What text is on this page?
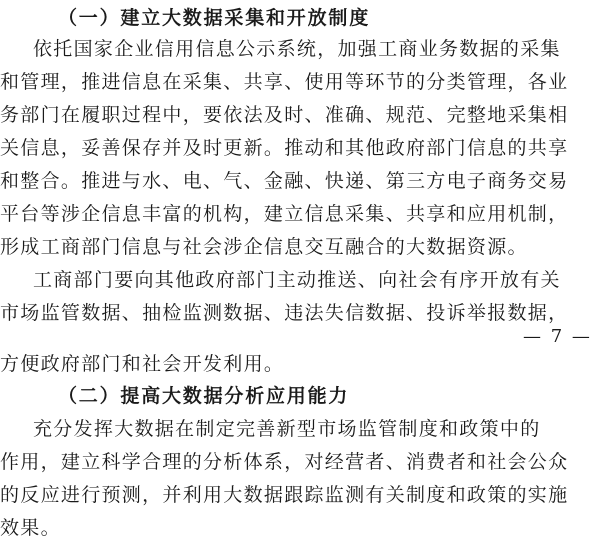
（一）建立大数据采集和开放制度
依托国家企业信用信息公示系统，加强工商业务数据的采集
和管理，推进信息在采集、共享、使用等环节的分类管理，各业
务部门在履职过程中，要依法及时、准确、规范、完整地采集相
关信息，妥善保存并及时更新。推动和其他政府部门信息的共享
和整合。推进与水、电、气、金融、快递、第三方电子商务交易
平台等涉企信息丰富的机构，建立信息采集、共享和应用机制，
形成工商部门信息与社会涉企信息交互融合的大数据资源。
工商部门要向其他政府部门主动推送、向社会有序开放有关
市场监管数据、抽检监测数据、违法失信数据、投诉举报数据，
方便政府部门和社会开发利用。
— 7 —
（二）提高大数据分析应用能力
充分发挥大数据在制定完善新型市场监管制度和政策中的
作用，建立科学合理的分析体系，对经营者、消费者和社会公众
的反应进行预测，并利用大数据跟踪监测有关制度和政策的实施
效果。
